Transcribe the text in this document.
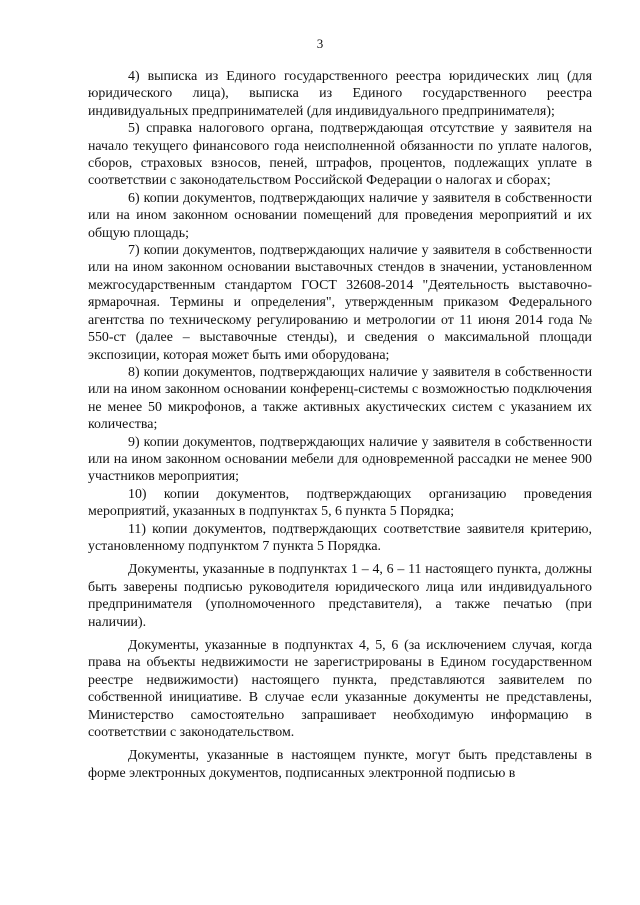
3

4) выписка из Единого государственного реестра юридических лиц (для юридического лица), выписка из Единого государственного реестра индивидуальных предпринимателей (для индивидуального предпринимателя);

5) справка налогового органа, подтверждающая отсутствие у заявителя на начало текущего финансового года неисполненной обязанности по уплате налогов, сборов, страховых взносов, пеней, штрафов, процентов, подлежащих уплате в соответствии с законодательством Российской Федерации о налогах и сборах;

6) копии документов, подтверждающих наличие у заявителя в собственности или на ином законном основании помещений для проведения мероприятий и их общую площадь;

7) копии документов, подтверждающих наличие у заявителя в собственности или на ином законном основании выставочных стендов в значении, установленном межгосударственным стандартом ГОСТ 32608-2014 "Деятельность выставочно-ярмарочная. Термины и определения", утвержденным приказом Федерального агентства по техническому регулированию и метрологии от 11 июня 2014 года № 550-ст (далее – выставочные стенды), и сведения о максимальной площади экспозиции, которая может быть ими оборудована;

8) копии документов, подтверждающих наличие у заявителя в собственности или на ином законном основании конференц-системы с возможностью подключения не менее 50 микрофонов, а также активных акустических систем с указанием их количества;

9) копии документов, подтверждающих наличие у заявителя в собственности или на ином законном основании мебели для одновременной рассадки не менее 900 участников мероприятия;

10) копии документов, подтверждающих организацию проведения мероприятий, указанных в подпунктах 5, 6 пункта 5 Порядка;

11) копии документов, подтверждающих соответствие заявителя критерию, установленному подпунктом 7 пункта 5 Порядка.

Документы, указанные в подпунктах 1 – 4, 6 – 11 настоящего пункта, должны быть заверены подписью руководителя юридического лица или индивидуального предпринимателя (уполномоченного представителя), а также печатью (при наличии).

Документы, указанные в подпунктах 4, 5, 6 (за исключением случая, когда права на объекты недвижимости не зарегистрированы в Едином государственном реестре недвижимости) настоящего пункта, представляются заявителем по собственной инициативе. В случае если указанные документы не представлены, Министерство самостоятельно запрашивает необходимую информацию в соответствии с законодательством.

Документы, указанные в настоящем пункте, могут быть представлены в форме электронных документов, подписанных электронной подписью в
